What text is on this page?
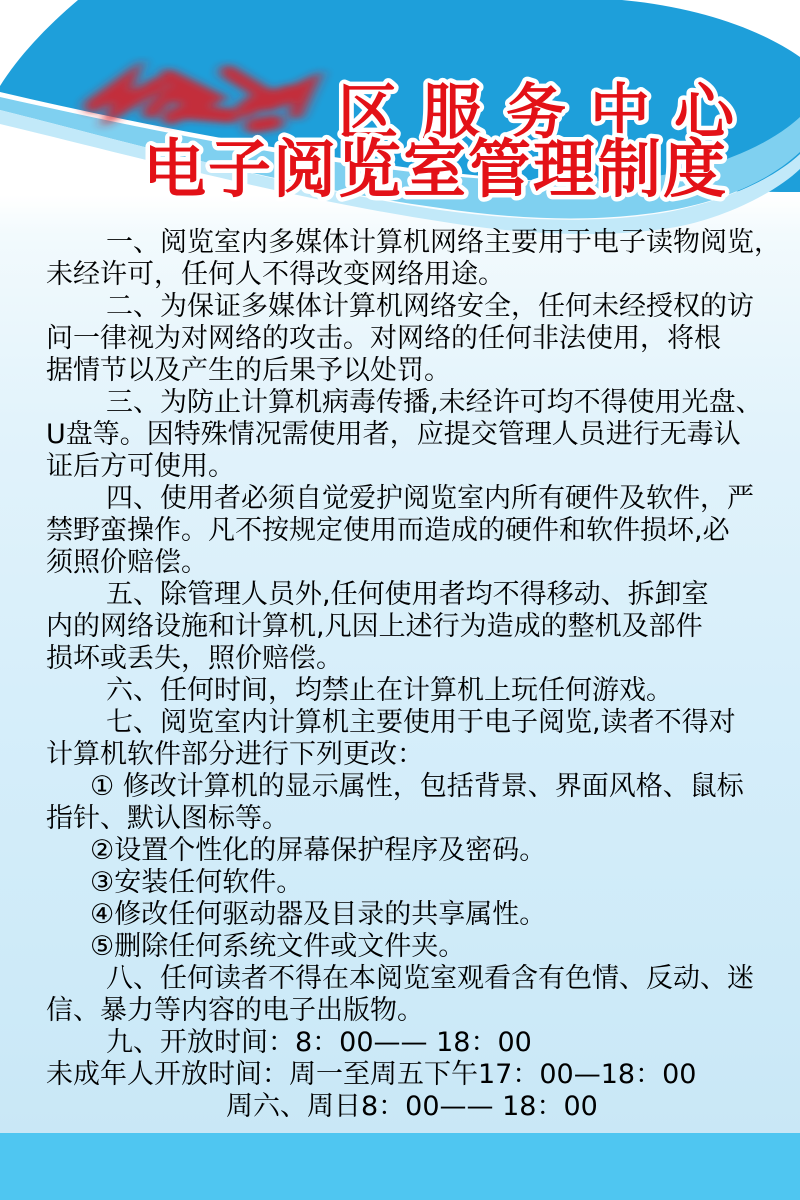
区服务中心
电子阅览室管理制度
一、阅览室内多媒体计算机网络主要用于电子读物阅览，
未经许可，任何人不得改变网络用途。
二、为保证多媒体计算机网络安全，任何未经授权的访
问一律视为对网络的攻击。对网络的任何非法使用，将根
据情节以及产生的后果予以处罚。
三、为防止计算机病毒传播,未经许可均不得使用光盘、
U盘等。因特殊情况需使用者，应提交管理人员进行无毒认
证后方可使用。
四、使用者必须自觉爱护阅览室内所有硬件及软件，严
禁野蛮操作。凡不按规定使用而造成的硬件和软件损坏,必
须照价赔偿。
五、除管理人员外,任何使用者均不得移动、拆卸室
内的网络设施和计算机,凡因上述行为造成的整机及部件
损坏或丢失，照价赔偿。
六、任何时间，均禁止在计算机上玩任何游戏。
七、阅览室内计算机主要使用于电子阅览,读者不得对
计算机软件部分进行下列更改：
① 修改计算机的显示属性，包括背景、界面风格、鼠标
指针、默认图标等。
②设置个性化的屏幕保护程序及密码。
③安装任何软件。
④修改任何驱动器及目录的共享属性。
⑤删除任何系统文件或文件夹。
八、任何读者不得在本阅览室观看含有色情、反动、迷
信、暴力等内容的电子出版物。
九、开放时间：8：00—— 18：00
未成年人开放时间：周一至周五下午17：00—18：00
周六、周日8：00—— 18：00
